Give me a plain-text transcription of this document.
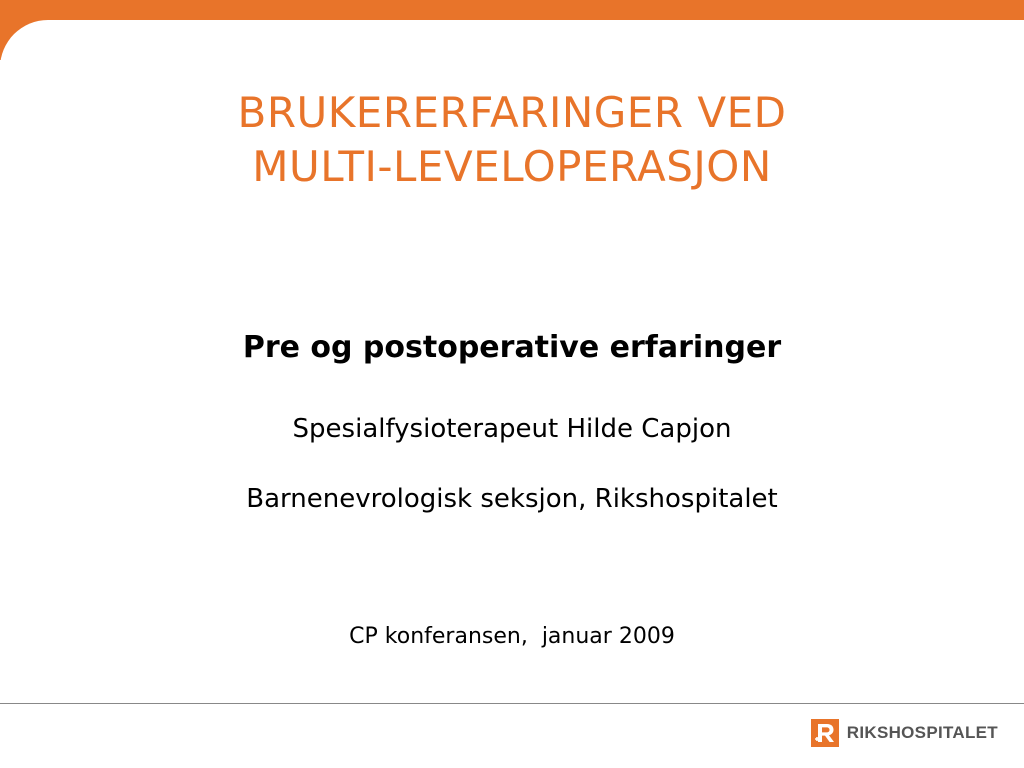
BRUKERERFARINGER VED
MULTI-LEVELOPERASJON
Pre og postoperative erfaringer
Spesialfysioterapeut Hilde Capjon
Barnenevrologisk seksjon, Rikshospitalet
CP konferansen,  januar 2009
RIKSHOSPITALET
